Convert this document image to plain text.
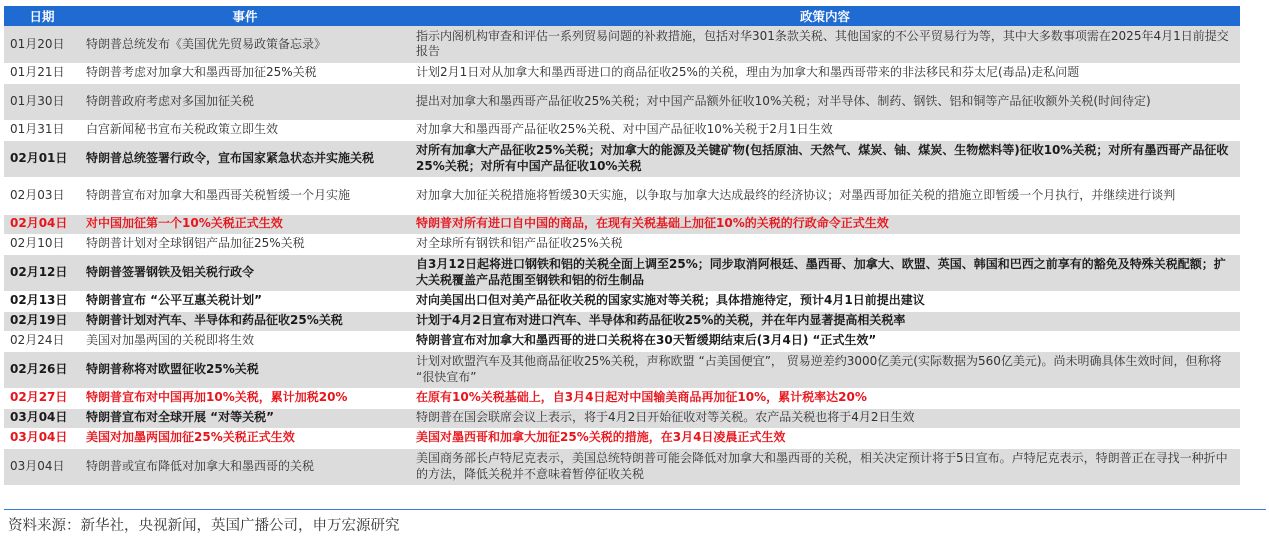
日期	事件	政策内容
01月20日	特朗普总统发布《美国优先贸易政策备忘录》	指示内阁机构审查和评估一系列贸易问题的补救措施，包括对华301条款关税、其他国家的不公平贸易行为等，其中大多数事项需在2025年4月1日前提交报告
01月21日	特朗普考虑对加拿大和墨西哥加征25%关税	计划2月1日对从加拿大和墨西哥进口的商品征收25%的关税，理由为加拿大和墨西哥带来的非法移民和芬太尼(毒品)走私问题
01月30日	特朗普政府考虑对多国加征关税	提出对加拿大和墨西哥产品征收25%关税；对中国产品额外征收10%关税；对半导体、制药、钢铁、铝和铜等产品征收额外关税(时间待定)
01月31日	白宫新闻秘书宣布关税政策立即生效	对加拿大和墨西哥产品征收25%关税、对中国产品征收10%关税于2月1日生效
02月01日	特朗普总统签署行政令，宣布国家紧急状态并实施关税	对所有加拿大产品征收25%关税；对加拿大的能源及关键矿物(包括原油、天然气、煤炭、铀、煤炭、生物燃料等)征收10%关税；对所有墨西哥产品征收25%关税；对所有中国产品征收10%关税
02月03日	特朗普宣布对加拿大和墨西哥关税暂缓一个月实施	对加拿大加征关税措施将暂缓30天实施，以争取与加拿大达成最终的经济协议；对墨西哥加征关税的措施立即暂缓一个月执行，并继续进行谈判
02月04日	对中国加征第一个10%关税正式生效	特朗普对所有进口自中国的商品，在现有关税基础上加征10%的关税的行政命令正式生效
02月10日	特朗普计划对全球钢铝产品加征25%关税	对全球所有钢铁和铝产品征收25%关税
02月12日	特朗普签署钢铁及铝关税行政令	自3月12日起将进口钢铁和铝的关税全面上调至25%；同步取消阿根廷、墨西哥、加拿大、欧盟、英国、韩国和巴西之前享有的豁免及特殊关税配额；扩大关税覆盖产品范围至钢铁和铝的衍生制品
02月13日	特朗普宣布 “公平互惠关税计划”	对向美国出口但对美产品征收关税的国家实施对等关税；具体措施待定，预计4月1日前提出建议
02月19日	特朗普计划对汽车、半导体和药品征收25%关税	计划于4月2日宣布对进口汽车、半导体和药品征收25%的关税，并在年内显著提高相关税率
02月24日	美国对加墨两国的关税即将生效	特朗普宣布对加拿大和墨西哥的进口关税将在30天暂缓期结束后(3月4日) “正式生效”
02月26日	特朗普称将对欧盟征收25%关税	计划对欧盟汽车及其他商品征收25%关税，声称欧盟 “占美国便宜”， 贸易逆差约3000亿美元(实际数据为560亿美元)。尚未明确具体生效时间，但称将 “很快宣布”
02月27日	特朗普宣布对中国再加10%关税，累计加税20%	在原有10%关税基础上，自3月4日起对中国输美商品再加征10%，累计税率达20%
03月04日	特朗普宣布对全球开展 “对等关税”	特朗普在国会联席会议上表示，将于4月2日开始征收对等关税。农产品关税也将于4月2日生效
03月04日	美国对加墨两国加征25%关税正式生效	美国对墨西哥和加拿大加征25%关税的措施，在3月4日凌晨正式生效
03月04日	特朗普或宣布降低对加拿大和墨西哥的关税	美国商务部长卢特尼克表示，美国总统特朗普可能会降低对加拿大和墨西哥的关税，相关决定预计将于5日宣布。卢特尼克表示，特朗普正在寻找一种折中的方法，降低关税并不意味着暂停征收关税
资料来源：新华社，央视新闻，英国广播公司，申万宏源研究
